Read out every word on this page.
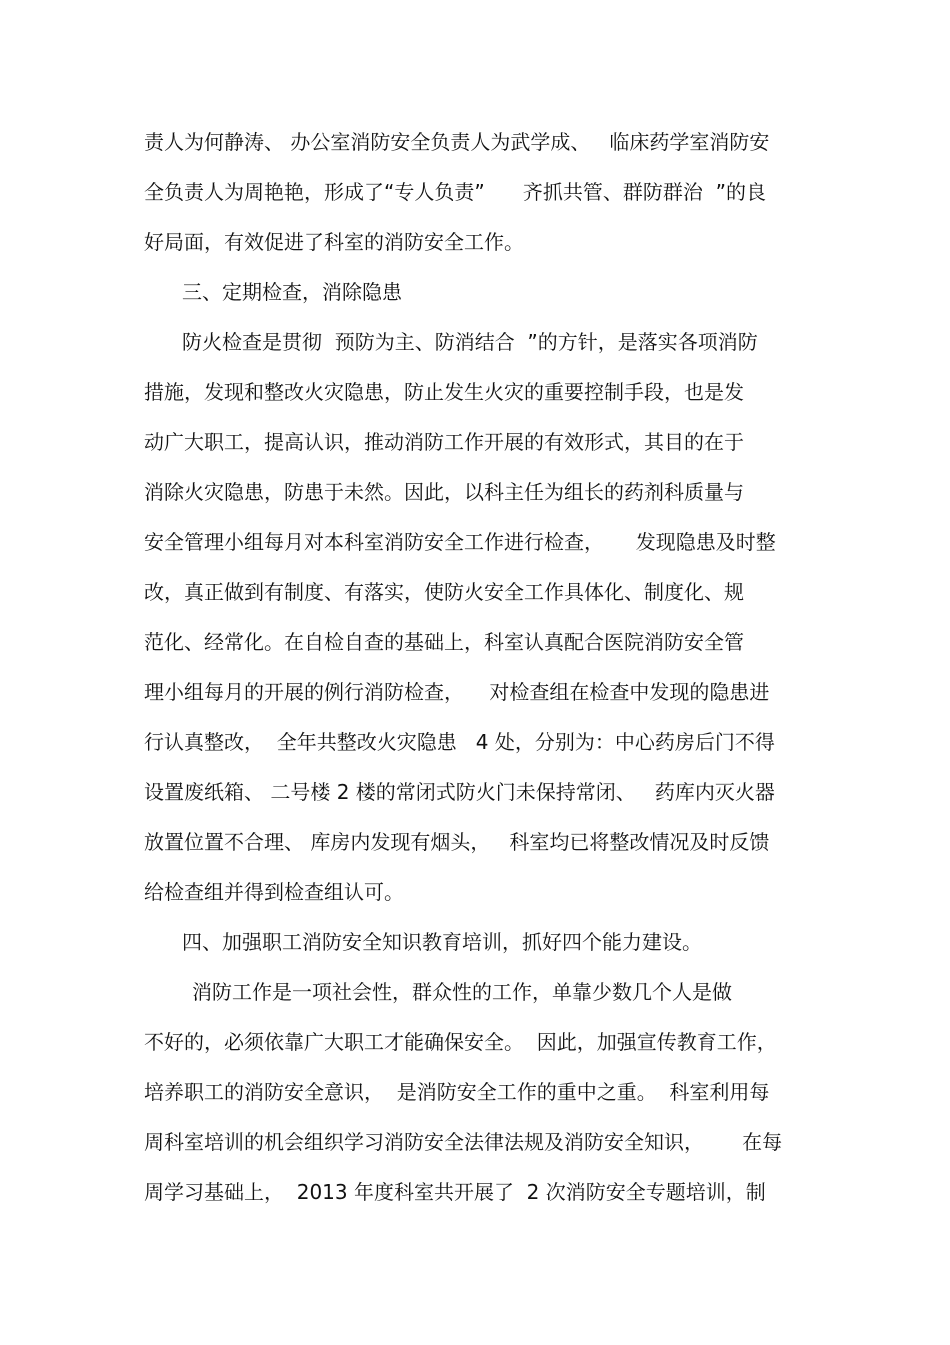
责人为何静涛、 办公室消防安全负责人为武学成、   临床药学室消防安
全负责人为周艳艳，形成了“专人负责”      齐抓共管、群防群治  ”的良
好局面，有效促进了科室的消防安全工作。
三、定期检查，消除隐患
防火检查是贯彻  预防为主、防消结合  ”的方针，是落实各项消防
措施，发现和整改火灾隐患，防止发生火灾的重要控制手段，也是发
动广大职工，提高认识，推动消防工作开展的有效形式，其目的在于
消除火灾隐患，防患于未然。因此，以科主任为组长的药剂科质量与
安全管理小组每月对本科室消防安全工作进行检查，     发现隐患及时整
改，真正做到有制度、有落实，使防火安全工作具体化、制度化、规
范化、经常化。在自检自查的基础上，科室认真配合医院消防安全管
理小组每月的开展的例行消防检查，    对检查组在检查中发现的隐患进
行认真整改，  全年共整改火灾隐患   4 处，分别为：中心药房后门不得
设置废纸箱、 二号楼 2 楼的常闭式防火门未保持常闭、   药库内灭火器
放置位置不合理、 库房内发现有烟头，   科室均已将整改情况及时反馈
给检查组并得到检查组认可。
四、加强职工消防安全知识教育培训，抓好四个能力建设。
消防工作是一项社会性，群众性的工作，单靠少数几个人是做
不好的，必须依靠广大职工才能确保安全。  因此，加强宣传教育工作，
培养职工的消防安全意识，  是消防安全工作的重中之重。  科室利用每
周科室培训的机会组织学习消防安全法律法规及消防安全知识，      在每
周学习基础上，  2013 年度科室共开展了  2 次消防安全专题培训，制
